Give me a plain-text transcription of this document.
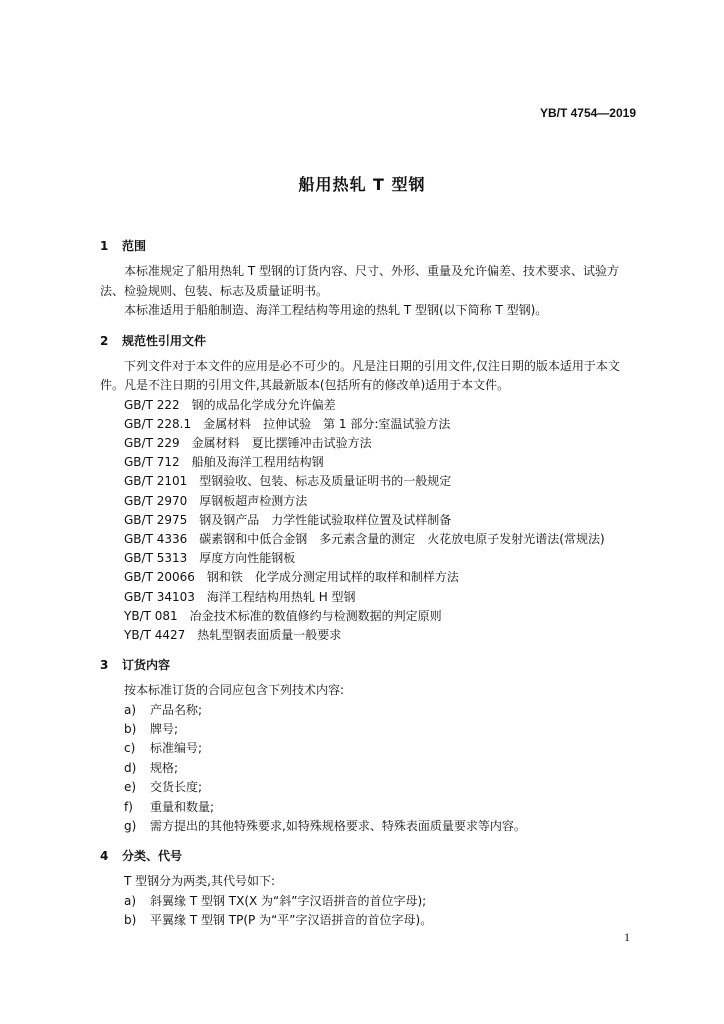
YB/T 4754—2019
船用热轧 T 型钢

1 范围

本标准规定了船用热轧 T 型钢的订货内容、尺寸、外形、重量及允许偏差、技术要求、试验方法、检验规则、包装、标志及质量证明书。

本标准适用于船舶制造、海洋工程结构等用途的热轧 T 型钢(以下简称 T 型钢)。

2 规范性引用文件

下列文件对于本文件的应用是必不可少的。凡是注日期的引用文件,仅注日期的版本适用于本文件。凡是不注日期的引用文件,其最新版本(包括所有的修改单)适用于本文件。

GB/T 222 钢的成品化学成分允许偏差

GB/T 228.1 金属材料　拉伸试验　第 1 部分:室温试验方法

GB/T 229 金属材料　夏比摆锤冲击试验方法

GB/T 712 船舶及海洋工程用结构钢

GB/T 2101 型钢验收、包装、标志及质量证明书的一般规定

GB/T 2970 厚钢板超声检测方法

GB/T 2975 钢及钢产品　力学性能试验取样位置及试样制备

GB/T 4336 碳素钢和中低合金钢　多元素含量的测定　火花放电原子发射光谱法(常规法)

GB/T 5313 厚度方向性能钢板

GB/T 20066 钢和铁　化学成分测定用试样的取样和制样方法

GB/T 34103 海洋工程结构用热轧 H 型钢

YB/T 081 冶金技术标准的数值修约与检测数据的判定原则

YB/T 4427 热轧型钢表面质量一般要求

3 订货内容

按本标准订货的合同应包含下列技术内容:

a) 产品名称;

b) 牌号;

c) 标准编号;

d) 规格;

e) 交货长度;

f) 重量和数量;

g) 需方提出的其他特殊要求,如特殊规格要求、特殊表面质量要求等内容。

4 分类、代号

T 型钢分为两类,其代号如下:

a) 斜翼缘 T 型钢 TX(X 为“斜”字汉语拼音的首位字母);

b) 平翼缘 T 型钢 TP(P 为“平”字汉语拼音的首位字母)。

1
